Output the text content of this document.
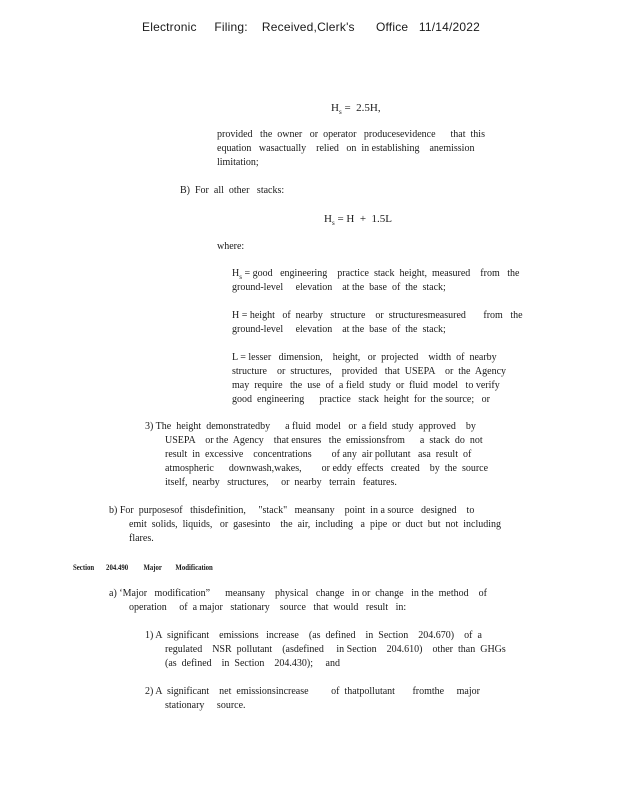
Electronic     Filing:    Received,Clerk's      Office   11/14/2022
$H_s = 2.5H$,
provided   the  owner   or  operator   producesevidence      that  this
equation   wasactually    relied   on  in establishing    anemission
limitation;
B)  For  all  other   stacks:
$H_s = H + 1.5L$
where:
$H_s$ = good   engineering    practice  stack  height,  measured    from   the
ground-level     elevation    at the  base  of  the  stack;
H = height   of  nearby   structure    or  structuresmeasured       from   the
ground-level     elevation    at the  base  of  the  stack;
L = lesser   dimension,    height,   or  projected    width  of  nearby
structure    or  structures,    provided   that  USEPA    or  the  Agency
may  require   the  use  of  a field  study  or  fluid  model   to verify
good  engineering      practice   stack  height  for  the source;   or
3) The  height  demonstratedby      a fluid  model   or  a field  study  approved    by
USEPA    or the  Agency    that ensures   the  emissionsfrom      a  stack  do  not
result  in  excessive    concentrations        of any  air pollutant   asa  result  of
atmospheric      downwash,wakes,        or eddy  effects   created    by  the  source
itself,  nearby   structures,     or  nearby   terrain   features.
b) For  purposesof   thisdefinition,     "stack"   meansany    point  in a source   designed    to
emit  solids,  liquids,   or  gasesinto    the  air,  including   a  pipe  or  duct  but  not  including
flares.
Section       204.490         Major        Modification
a) ‘Major   modification”      meansany    physical   change   in or  change   in the  method    of
operation     of  a major   stationary    source   that  would   result   in:
1) A  significant    emissions   increase    (as  defined    in  Section    204.670)    of  a
regulated    NSR  pollutant    (asdefined     in Section    204.610)    other  than  GHGs
(as  defined    in  Section    204.430);     and
2) A  significant    net  emissionsincrease         of  thatpollutant       fromthe     major
stationary     source.
